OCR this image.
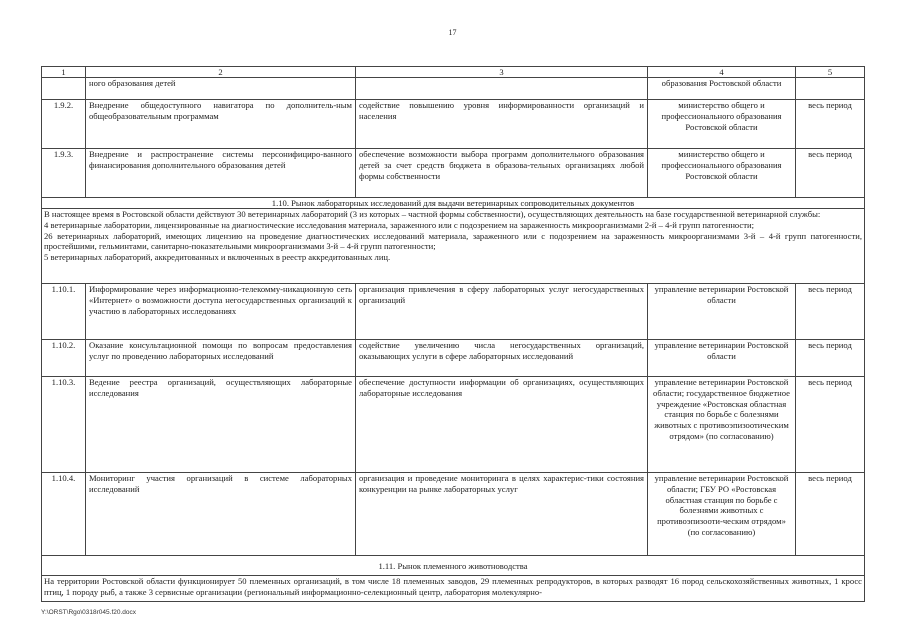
17
1	2	3	4	5
	ного образования детей		образования Ростовской области	
1.9.2.	Внедрение общедоступного навигатора по дополнитель-ным общеобразовательным программам	содействие повышению уровня информированности организаций и населения	министерство общего и профессионального образования Ростовской области	весь период
1.9.3.	Внедрение и распространение системы персонифициро-ванного финансирования дополнительного образования детей	обеспечение возможности выбора программ дополнительного образования детей за счет средств бюджета в образова-тельных организациях любой формы собственности	министерство общего и профессионального образования Ростовской области	весь период
1.10. Рынок лабораторных исследований для выдачи ветеринарных сопроводительных документов				
В настоящее время в Ростовской области действуют 30 ветеринарных лабораторий (3 из которых – частной формы собственности), осуществляющих деятельность на базе государственной ветеринарной службы:
4 ветеринарные лаборатории, лицензированные на диагностические исследования материала, зараженного или с подозрением на зараженность микроорганизмами 2-й – 4-й групп патогенности;
26 ветеринарных лабораторий, имеющих лицензию на проведение диагностических исследований материала, зараженного или с подозрением на зараженность микроорганизмами 3-й – 4-й групп патогенности, простейшими, гельминтами, санитарно-показательными микроорганизмами 3-й – 4-й групп патогенности;
5 ветеринарных лабораторий, аккредитованных и включенных в реестр аккредитованных лиц.				
1.10.1.	Информирование через информационно-телекомму-никационную сеть «Интернет» о возможности доступа негосударственных организаций к участию в лабораторных исследованиях	организация привлечения в сферу лабораторных услуг негосударственных организаций	управление ветеринарии Ростовской области	весь период
1.10.2.	Оказание консультационной помощи по вопросам предоставления услуг по проведению лабораторных исследований	содействие увеличению числа негосударственных организаций, оказывающих услуги в сфере лабораторных исследований	управление ветеринарии Ростовской области	весь период
1.10.3.	Ведение реестра организаций, осуществляющих лабораторные исследования	обеспечение доступности информации об организациях, осуществляющих лабораторные исследования	управление ветеринарии Ростовской области; государственное бюджетное учреждение «Ростовская областная станция по борьбе с болезнями животных с противоэпизоотическим отрядом» (по согласованию)	весь период
1.10.4.	Мониторинг участия организаций в системе лабораторных исследований	организация и проведение мониторинга в целях характерис-тики состояния конкуренции на рынке лабораторных услуг	управление ветеринарии Ростовской области; ГБУ РО «Ростовская областная станция по борьбе с болезнями животных с противоэпизооти-ческим отрядом» (по согласованию)	весь период
1.11. Рынок племенного животноводства				
На территории Ростовской области функционирует 50 племенных организаций, в том числе 18 племенных заводов, 29 племенных репродукторов, в которых разводят 16 пород сельскохозяйственных животных, 1 кросс птиц, 1 породу рыб, а также 3 сервисные организации (региональный информационно-селекционный центр, лаборатория молекулярно-				
Y:\ORST\Rgo\0318r045.f20.docx
